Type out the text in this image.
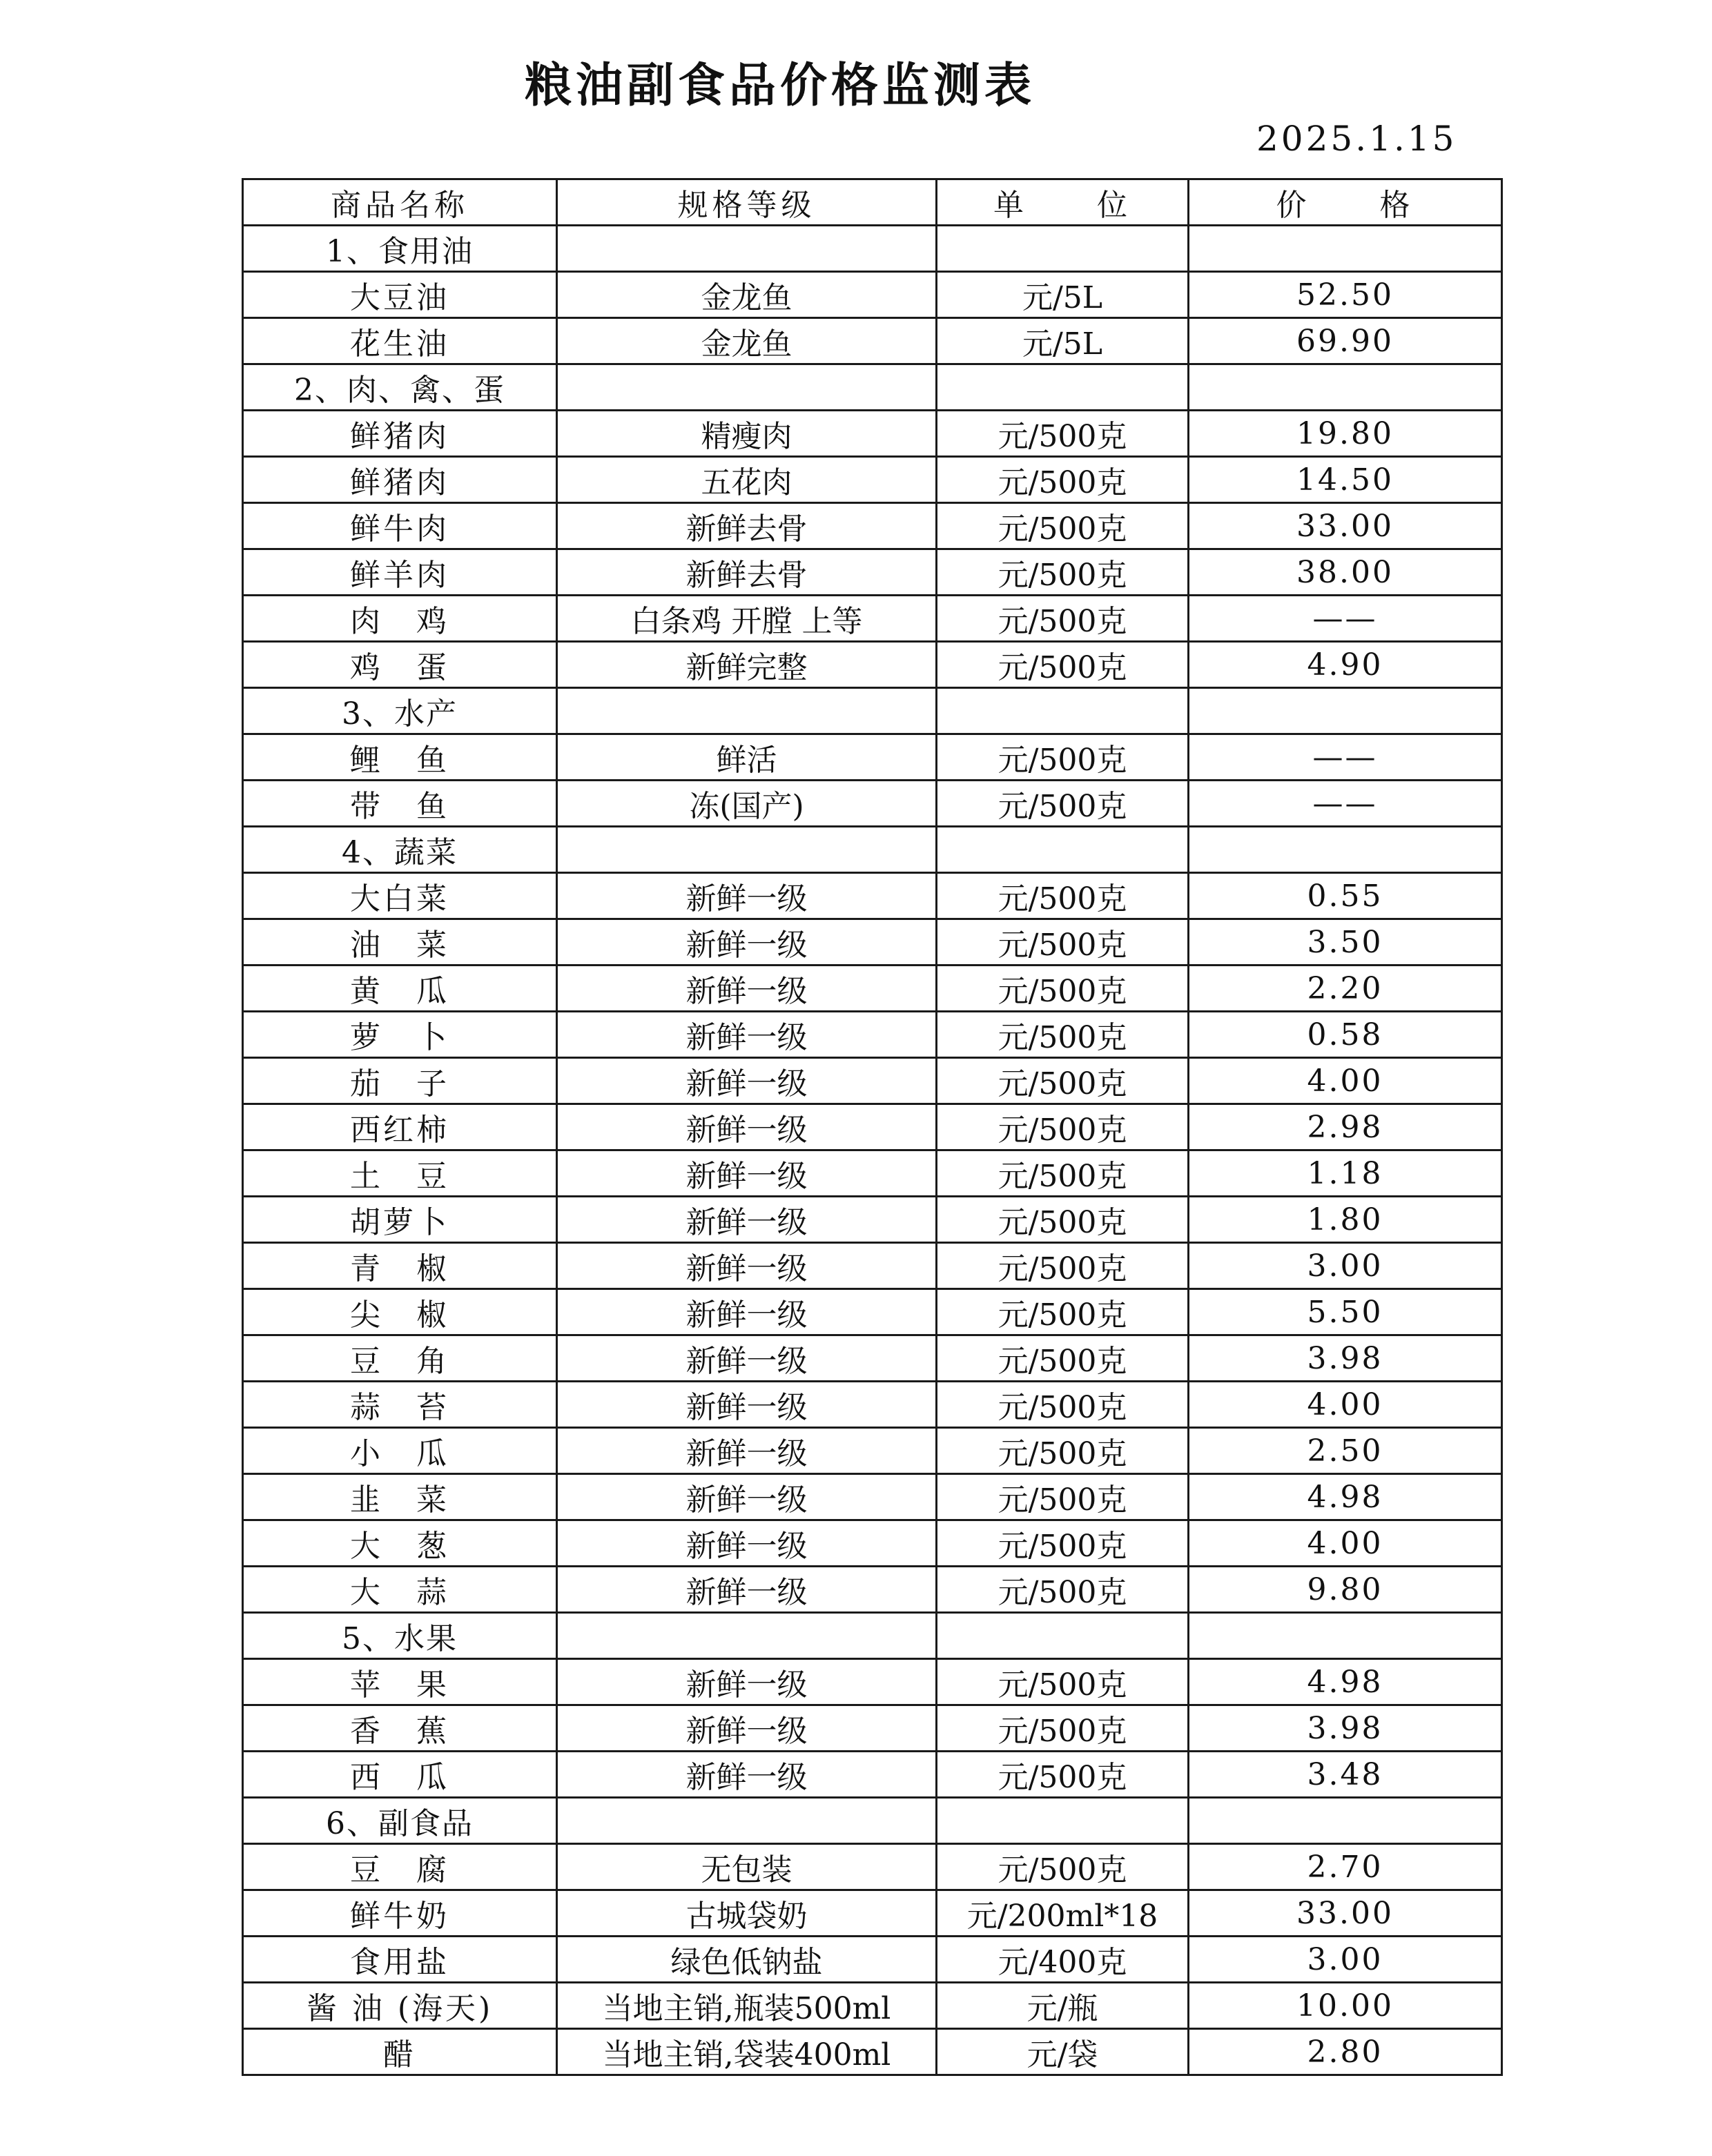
粮油副食品价格监测表
2025.1.15
商品名称	规格等级	单　　位	价　　格
1、食用油			
大豆油	金龙鱼	元/5L	52.50
花生油	金龙鱼	元/5L	69.90
2、肉、禽、蛋			
鲜猪肉	精瘦肉	元/500克	19.80
鲜猪肉	五花肉	元/500克	14.50
鲜牛肉	新鲜去骨	元/500克	33.00
鲜羊肉	新鲜去骨	元/500克	38.00
肉　鸡	白条鸡 开膛 上等	元/500克	——
鸡　蛋	新鲜完整	元/500克	4.90
3、水产			
鲤　鱼	鲜活	元/500克	——
带　鱼	冻(国产)	元/500克	——
4、蔬菜			
大白菜	新鲜一级	元/500克	0.55
油　菜	新鲜一级	元/500克	3.50
黄　瓜	新鲜一级	元/500克	2.20
萝　卜	新鲜一级	元/500克	0.58
茄　子	新鲜一级	元/500克	4.00
西红柿	新鲜一级	元/500克	2.98
土　豆	新鲜一级	元/500克	1.18
胡萝卜	新鲜一级	元/500克	1.80
青　椒	新鲜一级	元/500克	3.00
尖　椒	新鲜一级	元/500克	5.50
豆　角	新鲜一级	元/500克	3.98
蒜　苔	新鲜一级	元/500克	4.00
小　瓜	新鲜一级	元/500克	2.50
韭　菜	新鲜一级	元/500克	4.98
大　葱	新鲜一级	元/500克	4.00
大　蒜	新鲜一级	元/500克	9.80
5、水果			
苹　果	新鲜一级	元/500克	4.98
香　蕉	新鲜一级	元/500克	3.98
西　瓜	新鲜一级	元/500克	3.48
6、副食品			
豆　腐	无包装	元/500克	2.70
鲜牛奶	古城袋奶	元/200ml*18	33.00
食用盐	绿色低钠盐	元/400克	3.00
酱 油 (海天)	当地主销,瓶装500ml	元/瓶	10.00
醋	当地主销,袋装400ml	元/袋	2.80
